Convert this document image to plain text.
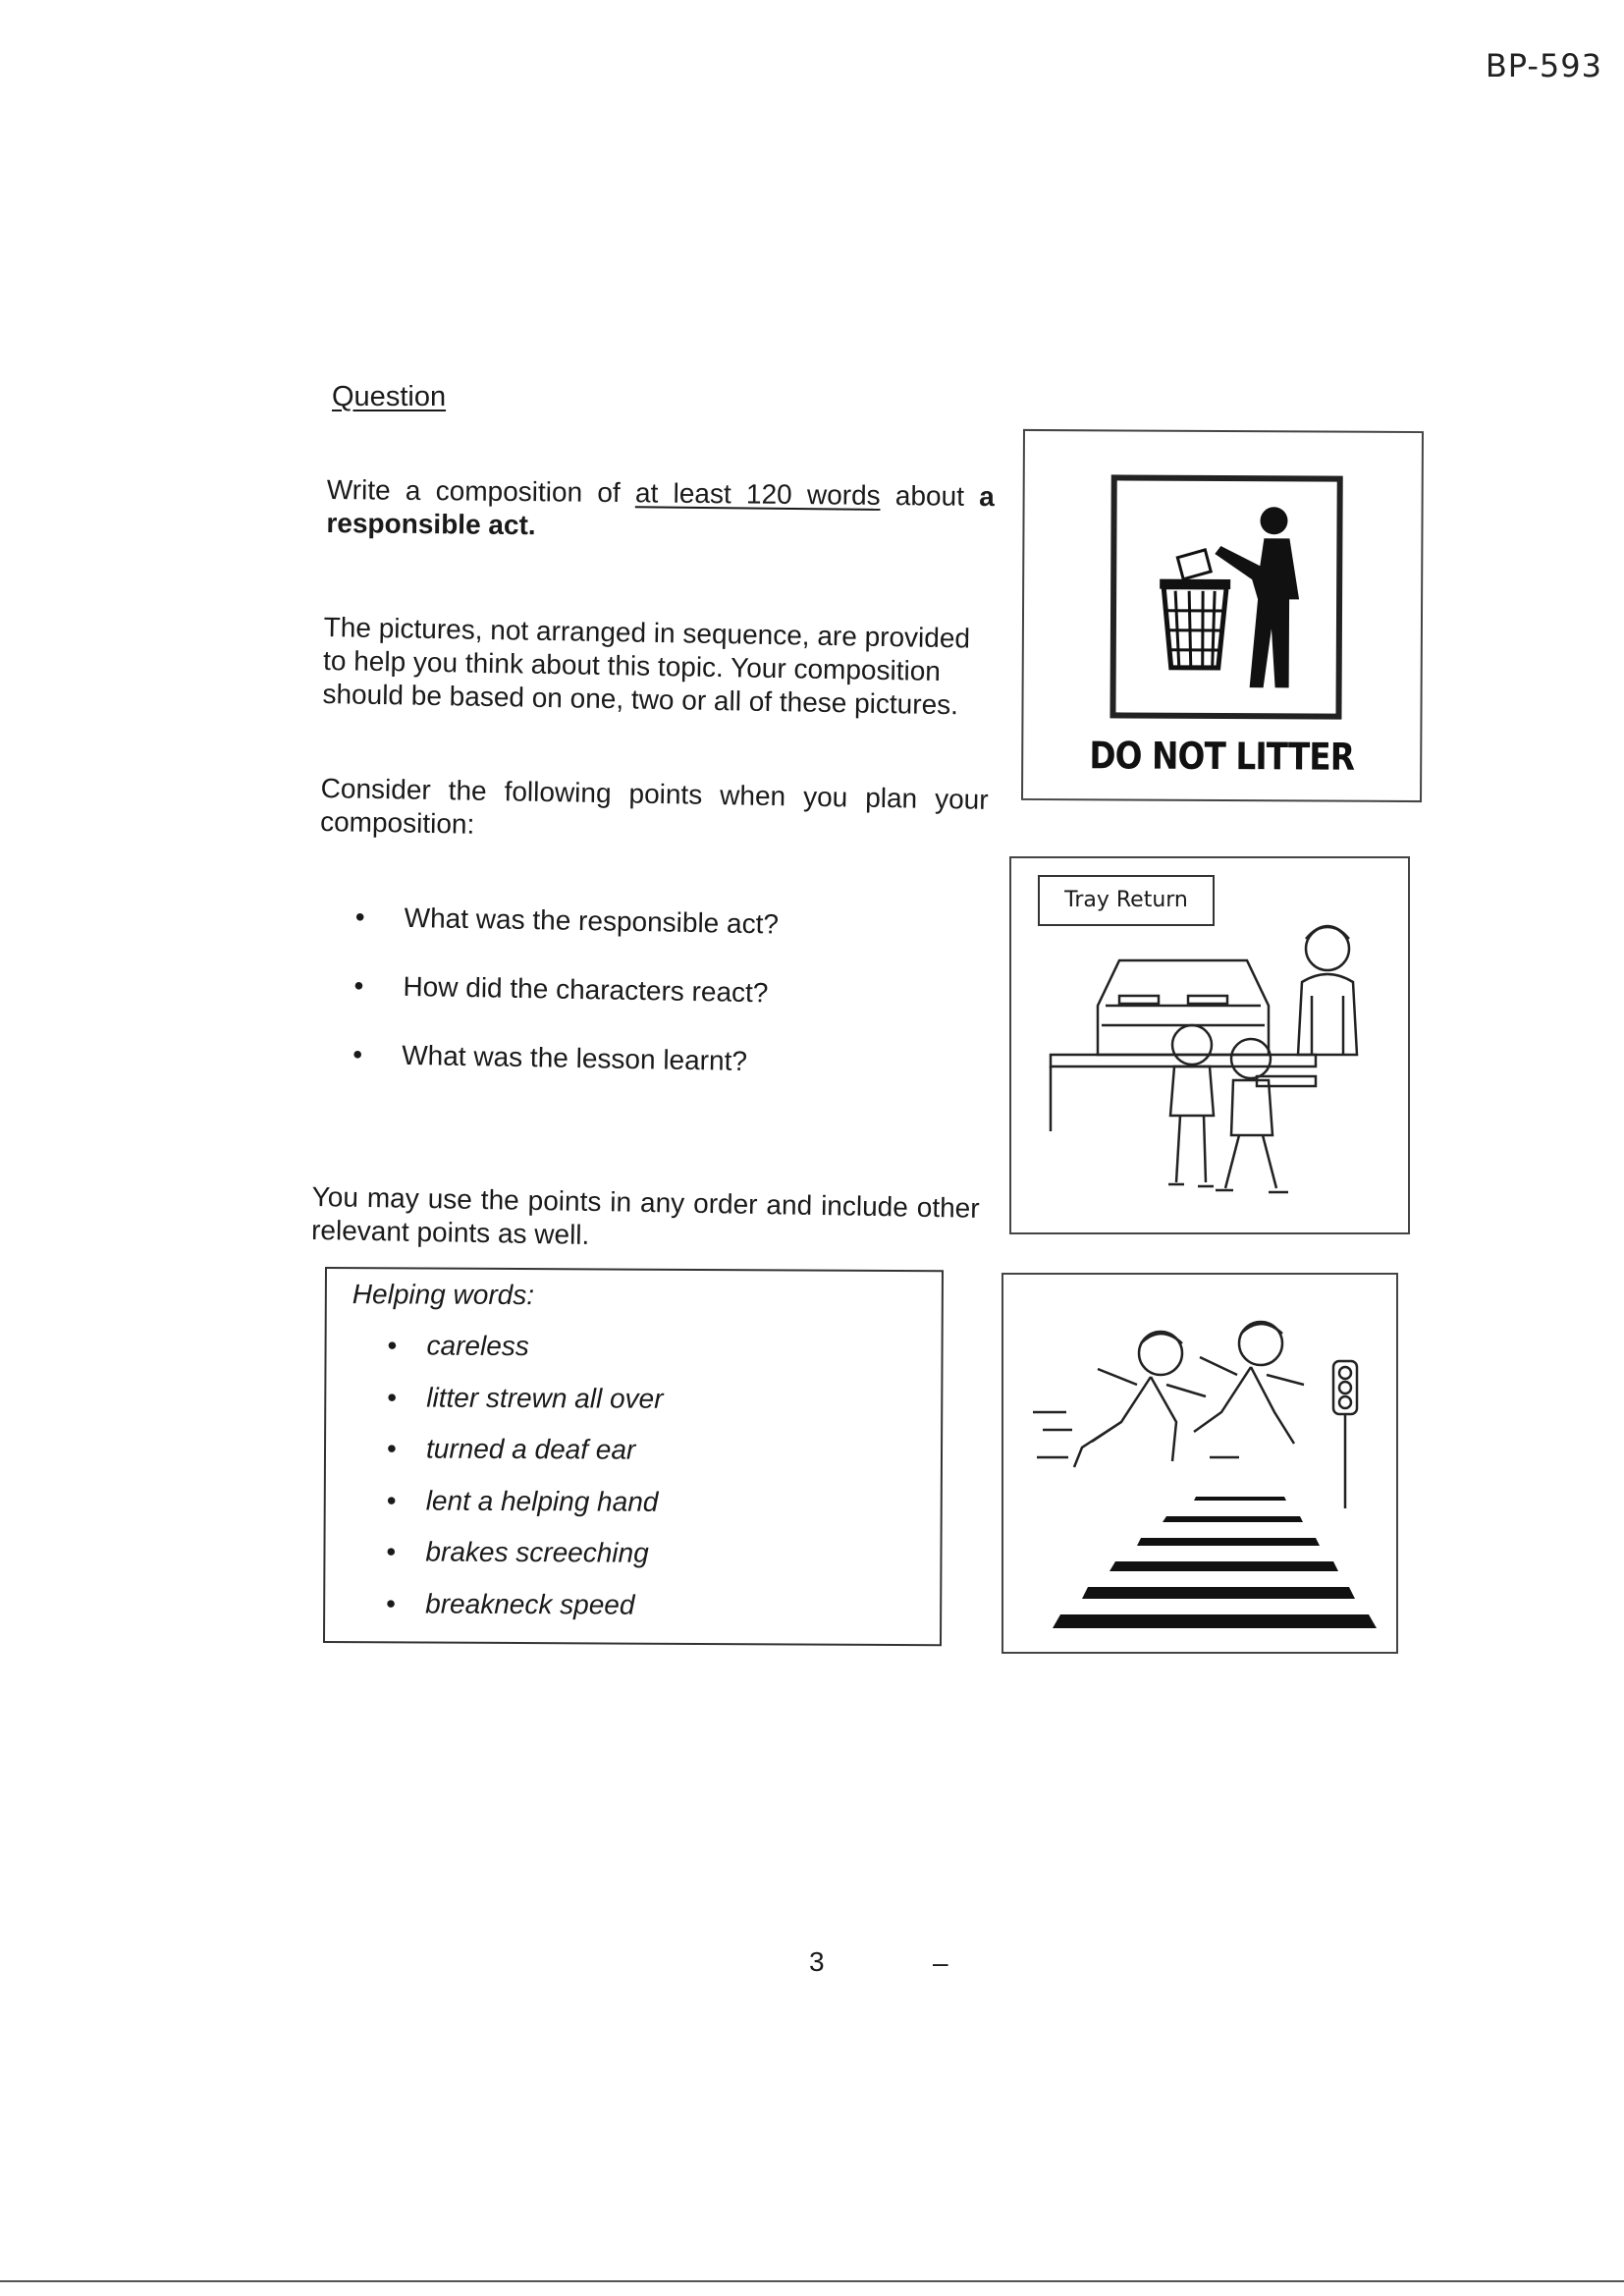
BP-593
Question
Write a composition of at least 120 words about a responsible act.
The pictures, not arranged in sequence, are provided to help you think about this topic. Your composition should be based on one, two or all of these pictures.
Consider the following points when you plan your composition:
• What was the responsible act?
• How did the characters react?
• What was the lesson learnt?
You may use the points in any order and include other relevant points as well.
Helping words:
• careless
• litter strewn all over
• turned a deaf ear
• lent a helping hand
• brakes screeching
• breakneck speed
DO NOT LITTER
Tray Return
3	–
